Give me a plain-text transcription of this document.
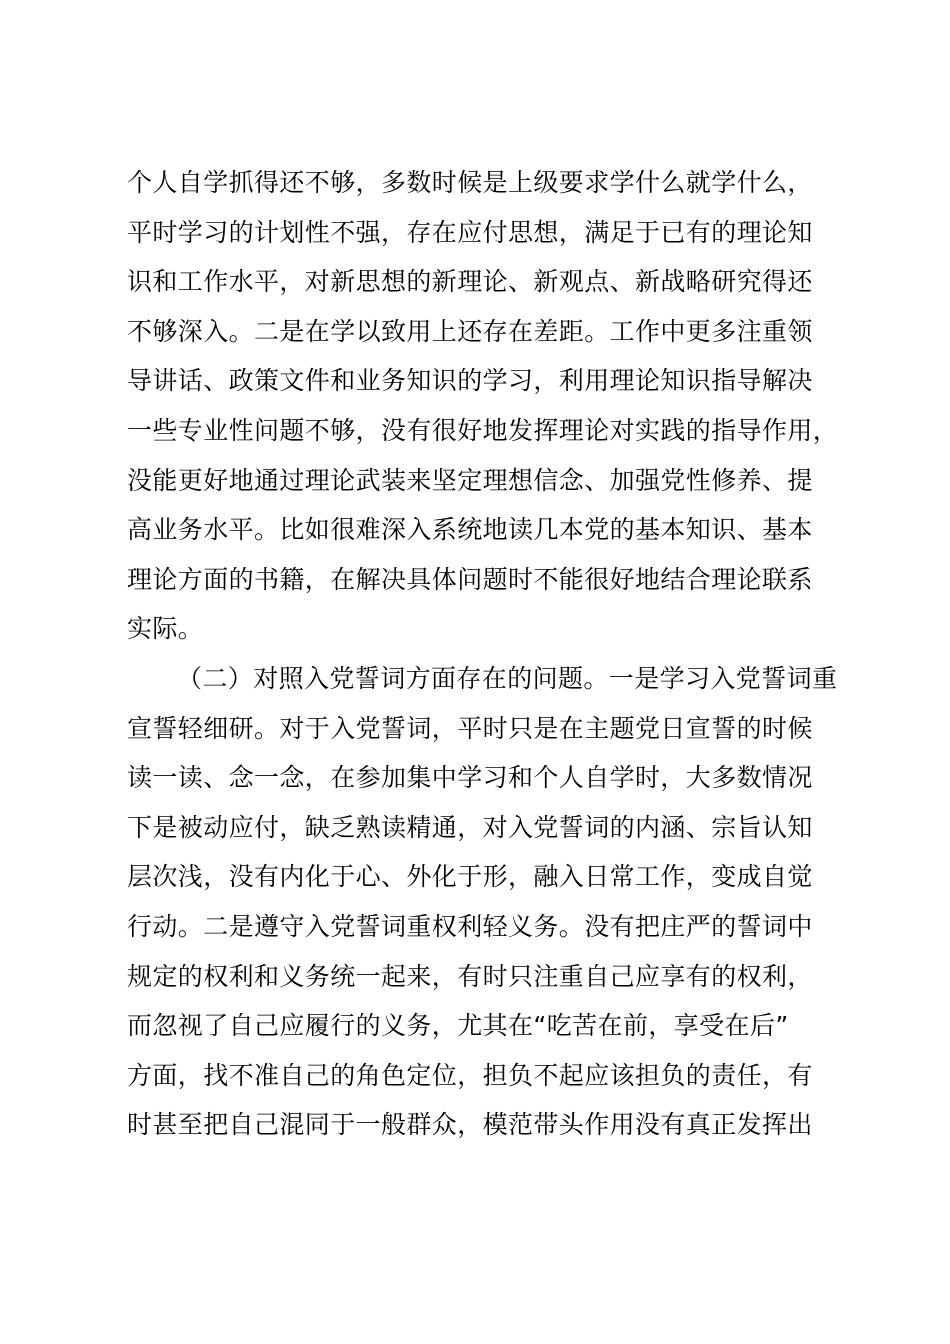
个人自学抓得还不够，多数时候是上级要求学什么就学什么，
平时学习的计划性不强，存在应付思想，满足于已有的理论知
识和工作水平，对新思想的新理论、新观点、新战略研究得还
不够深入。二是在学以致用上还存在差距。工作中更多注重领
导讲话、政策文件和业务知识的学习，利用理论知识指导解决
一些专业性问题不够，没有很好地发挥理论对实践的指导作用，
没能更好地通过理论武装来坚定理想信念、加强党性修养、提
高业务水平。比如很难深入系统地读几本党的基本知识、基本
理论方面的书籍，在解决具体问题时不能很好地结合理论联系
实际。
（二）对照入党誓词方面存在的问题。一是学习入党誓词重
宣誓轻细研。对于入党誓词，平时只是在主题党日宣誓的时候
读一读、念一念，在参加集中学习和个人自学时，大多数情况
下是被动应付，缺乏熟读精通，对入党誓词的内涵、宗旨认知
层次浅，没有内化于心、外化于形，融入日常工作，变成自觉
行动。二是遵守入党誓词重权利轻义务。没有把庄严的誓词中
规定的权利和义务统一起来，有时只注重自己应享有的权利，
而忽视了自己应履行的义务，尤其在“吃苦在前，享受在后”
方面，找不准自己的角色定位，担负不起应该担负的责任，有
时甚至把自己混同于一般群众，模范带头作用没有真正发挥出
